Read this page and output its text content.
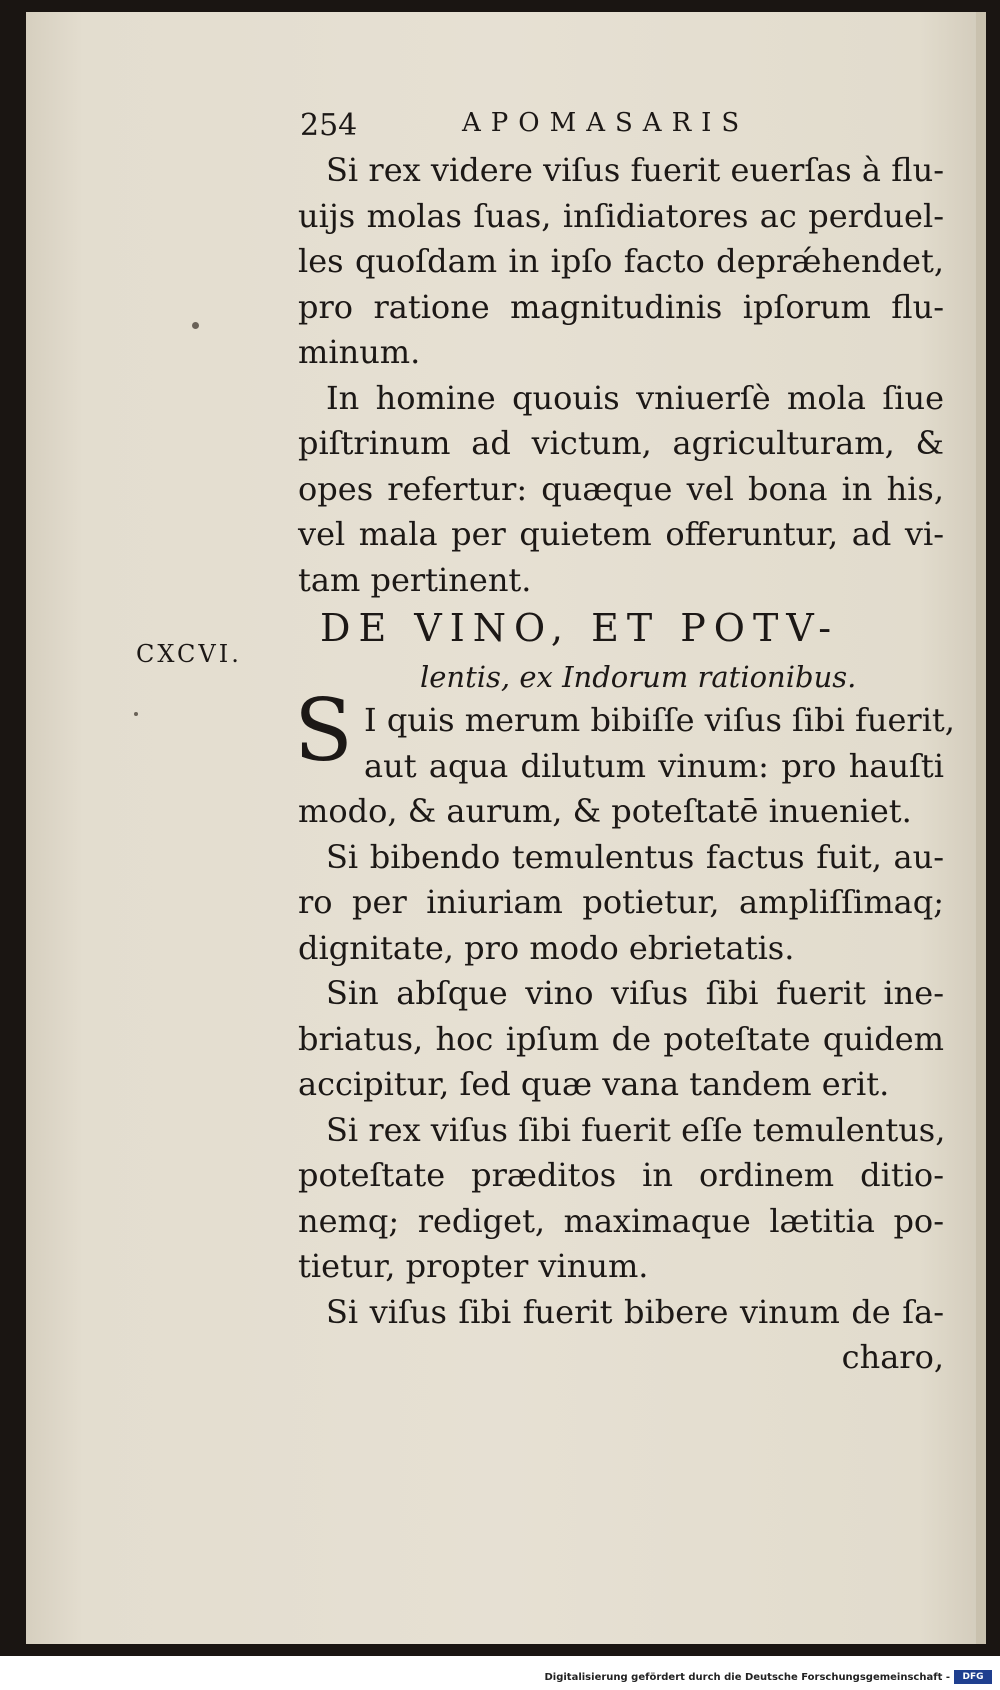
254	APOMASARIS
Si rex videre viſus fuerit euerſas à flu-
uijs molas ſuas, inſidiatores ac perduel-
les quoſdam in ipſo facto deprǽhendet,
pro ratione magnitudinis ipſorum flu-
minum.
In homine quouis vniuerſè mola ſiue
piſtrinum ad victum, agriculturam, &
opes refertur: quæque vel bona in his,
vel mala per quietem offeruntur, ad vi-
tam pertinent.
CXCVI.
DE VINO, ET POTV-
lentis, ex Indorum rationibus.
S I quis merum bibiſſe viſus ſibi fuerit,
aut aqua dilutum vinum: pro hauſti
modo, & aurum, & poteſtatē inueniet.
Si bibendo temulentus factus fuit, au-
ro per iniuriam potietur, ampliſſimaq;
dignitate, pro modo ebrietatis.
Sin abſque vino viſus ſibi fuerit ine-
briatus, hoc ipſum de poteſtate quidem
accipitur, ſed quæ vana tandem erit.
Si rex viſus ſibi fuerit eſſe temulentus,
poteſtate præditos in ordinem ditio-
nemq; rediget, maximaque lætitia po-
tietur, propter vinum.
Si viſus ſibi fuerit bibere vinum de ſa-
charo,
Digitalisierung gefördert durch die Deutsche Forschungsgemeinschaft -	DFG
